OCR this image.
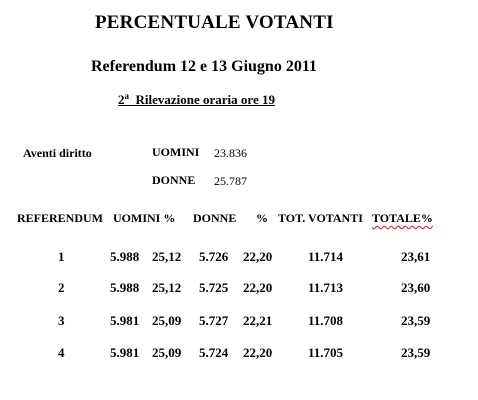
PERCENTUALE VOTANTI
Referendum 12 e 13 Giugno 2011
2$^a$ Rilevazione oraria ore 19
Aventi diritto	UOMINI 23.836
DONNE 25.787
REFERENDUM UOMINI % DONNE % TOT. VOTANTI TOTALE%
1	5.988 25,12 5.726 22,20	11.714	23,61
2	5.988 25,12 5.725 22,20	11.713	23,60
3	5.981 25,09 5.727 22,21	11.708	23,59
4	5.981 25,09 5.724 22,20	11.705	23,59
